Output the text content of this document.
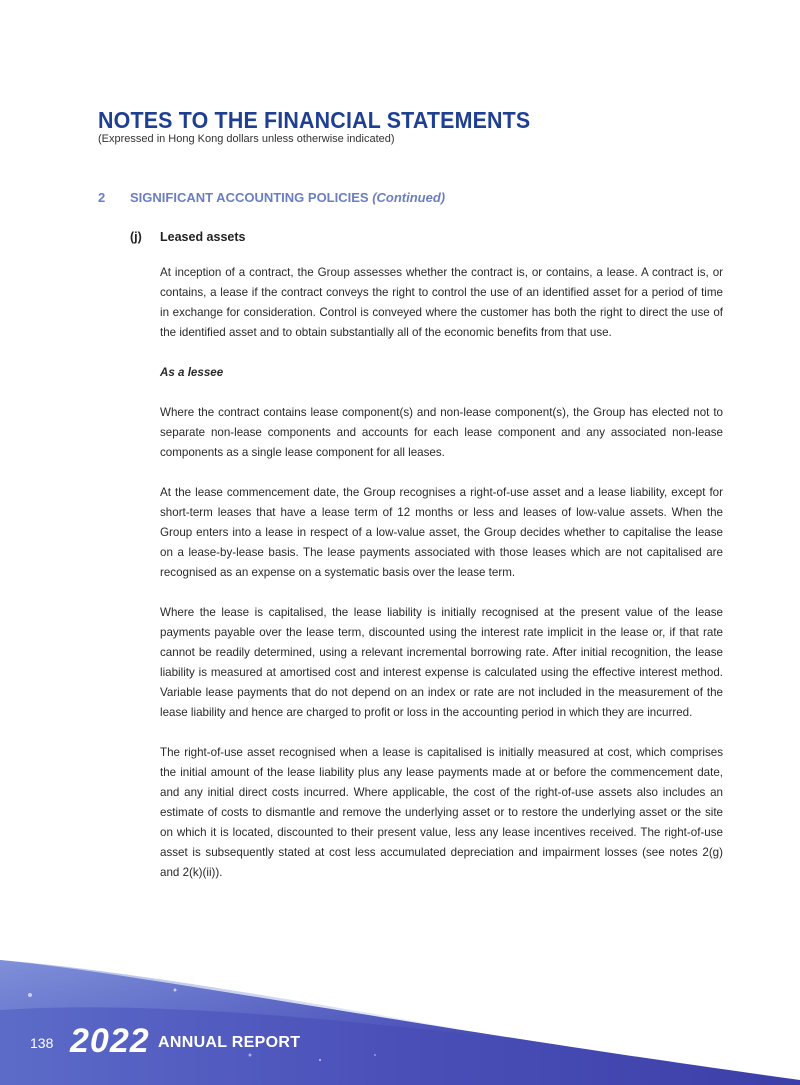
NOTES TO THE FINANCIAL STATEMENTS
(Expressed in Hong Kong dollars unless otherwise indicated)
2 SIGNIFICANT ACCOUNTING POLICIES (Continued)
(j) Leased assets

At inception of a contract, the Group assesses whether the contract is, or contains, a lease. A contract is, or contains, a lease if the contract conveys the right to control the use of an identified asset for a period of time in exchange for consideration. Control is conveyed where the customer has both the right to direct the use of the identified asset and to obtain substantially all of the economic benefits from that use.

As a lessee

Where the contract contains lease component(s) and non-lease component(s), the Group has elected not to separate non-lease components and accounts for each lease component and any associated non-lease components as a single lease component for all leases.

At the lease commencement date, the Group recognises a right-of-use asset and a lease liability, except for short-term leases that have a lease term of 12 months or less and leases of low-value assets. When the Group enters into a lease in respect of a low-value asset, the Group decides whether to capitalise the lease on a lease-by-lease basis. The lease payments associated with those leases which are not capitalised are recognised as an expense on a systematic basis over the lease term.

Where the lease is capitalised, the lease liability is initially recognised at the present value of the lease payments payable over the lease term, discounted using the interest rate implicit in the lease or, if that rate cannot be readily determined, using a relevant incremental borrowing rate. After initial recognition, the lease liability is measured at amortised cost and interest expense is calculated using the effective interest method. Variable lease payments that do not depend on an index or rate are not included in the measurement of the lease liability and hence are charged to profit or loss in the accounting period in which they are incurred.

The right-of-use asset recognised when a lease is capitalised is initially measured at cost, which comprises the initial amount of the lease liability plus any lease payments made at or before the commencement date, and any initial direct costs incurred. Where applicable, the cost of the right-of-use assets also includes an estimate of costs to dismantle and remove the underlying asset or to restore the underlying asset or the site on which it is located, discounted to their present value, less any lease incentives received. The right-of-use asset is subsequently stated at cost less accumulated depreciation and impairment losses (see notes 2(g) and 2(k)(ii)).

138 2022 ANNUAL REPORT
